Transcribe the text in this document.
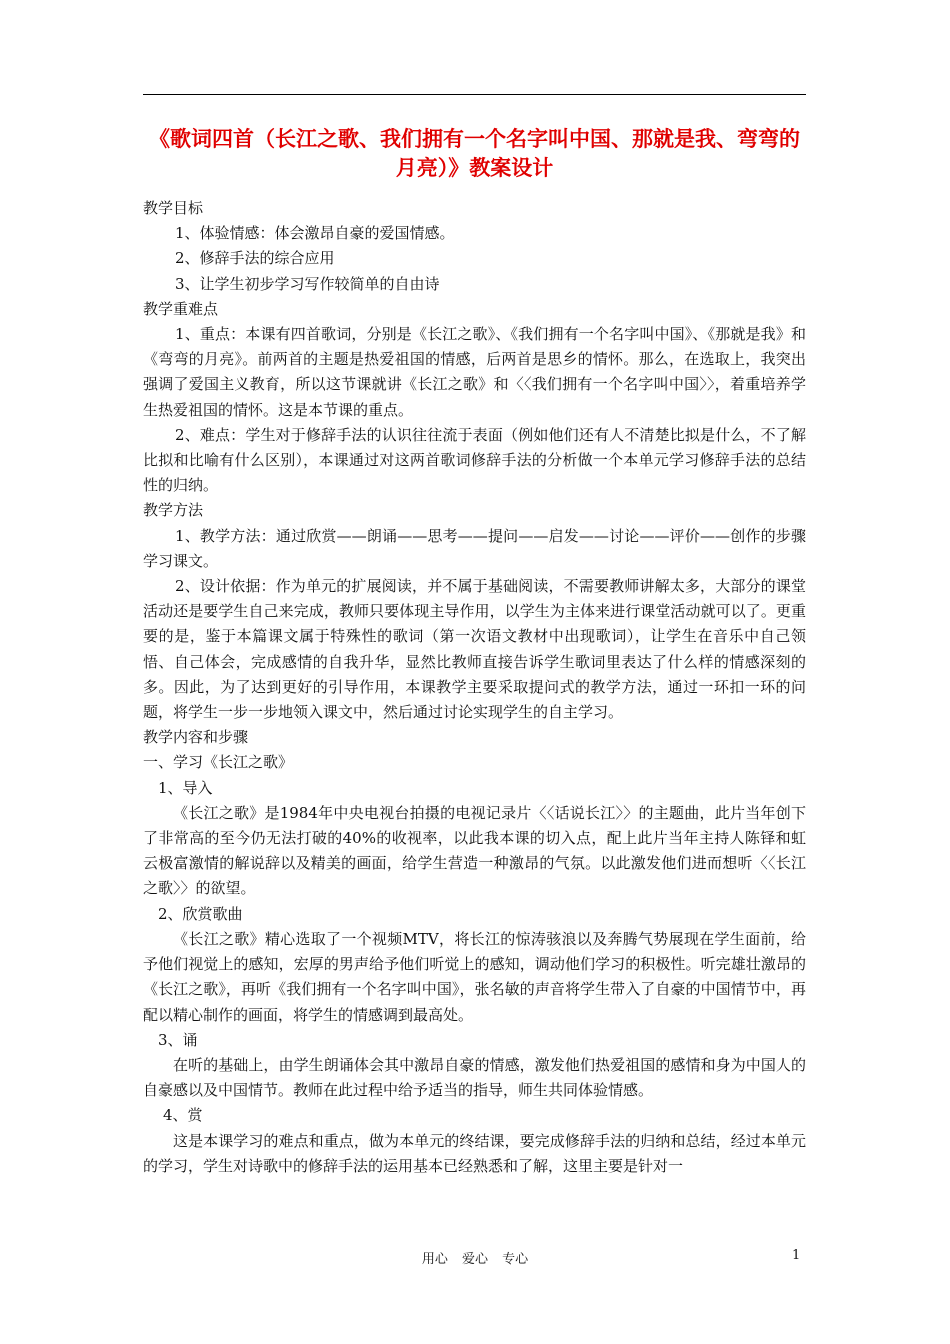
《歌词四首（长江之歌、我们拥有一个名字叫中国、那就是我、弯弯的月亮）》教案设计

教学目标

1、体验情感：体会激昂自豪的爱国情感。

2、修辞手法的综合应用

3、让学生初步学习写作较简单的自由诗

教学重难点

1、重点：本课有四首歌词，分别是《长江之歌》、《我们拥有一个名字叫中国》、《那就是我》和《弯弯的月亮》。前两首的主题是热爱祖国的情感，后两首是思乡的情怀。那么，在选取上，我突出强调了爱国主义教育，所以这节课就讲《长江之歌》和〈〈我们拥有一个名字叫中国〉〉，着重培养学生热爱祖国的情怀。这是本节课的重点。

2、难点：学生对于修辞手法的认识往往流于表面（例如他们还有人不清楚比拟是什么，不了解比拟和比喻有什么区别），本课通过对这两首歌词修辞手法的分析做一个本单元学习修辞手法的总结性的归纳。

教学方法

1、教学方法：通过欣赏——朗诵——思考——提问——启发——讨论——评价——创作的步骤学习课文。

2、设计依据：作为单元的扩展阅读，并不属于基础阅读，不需要教师讲解太多，大部分的课堂活动还是要学生自己来完成，教师只要体现主导作用，以学生为主体来进行课堂活动就可以了。更重要的是，鉴于本篇课文属于特殊性的歌词（第一次语文教材中出现歌词），让学生在音乐中自己领悟、自己体会，完成感情的自我升华，显然比教师直接告诉学生歌词里表达了什么样的情感深刻的多。因此，为了达到更好的引导作用，本课教学主要采取提问式的教学方法，通过一环扣一环的问题，将学生一步一步地领入课文中，然后通过讨论实现学生的自主学习。

教学内容和步骤

一、学习《长江之歌》

1、导入

《长江之歌》是1984年中央电视台拍摄的电视记录片〈〈话说长江〉〉的主题曲，此片当年创下了非常高的至今仍无法打破的40%的收视率，以此我本课的切入点，配上此片当年主持人陈铎和虹云极富激情的解说辞以及精美的画面，给学生营造一种激昂的气氛。以此激发他们进而想听〈〈长江之歌〉〉的欲望。

2、欣赏歌曲

《长江之歌》精心选取了一个视频MTV，将长江的惊涛骇浪以及奔腾气势展现在学生面前，给予他们视觉上的感知，宏厚的男声给予他们听觉上的感知，调动他们学习的积极性。听完雄壮激昂的《长江之歌》，再听《我们拥有一个名字叫中国》，张名敏的声音将学生带入了自豪的中国情节中，再配以精心制作的画面，将学生的情感调到最高处。

3、诵

在听的基础上，由学生朗诵体会其中激昂自豪的情感，激发他们热爱祖国的感情和身为中国人的自豪感以及中国情节。教师在此过程中给予适当的指导，师生共同体验情感。

4、赏

这是本课学习的难点和重点，做为本单元的终结课，要完成修辞手法的归纳和总结，经过本单元的学习，学生对诗歌中的修辞手法的运用基本已经熟悉和了解，这里主要是针对一

用心 爱心 专心	1
